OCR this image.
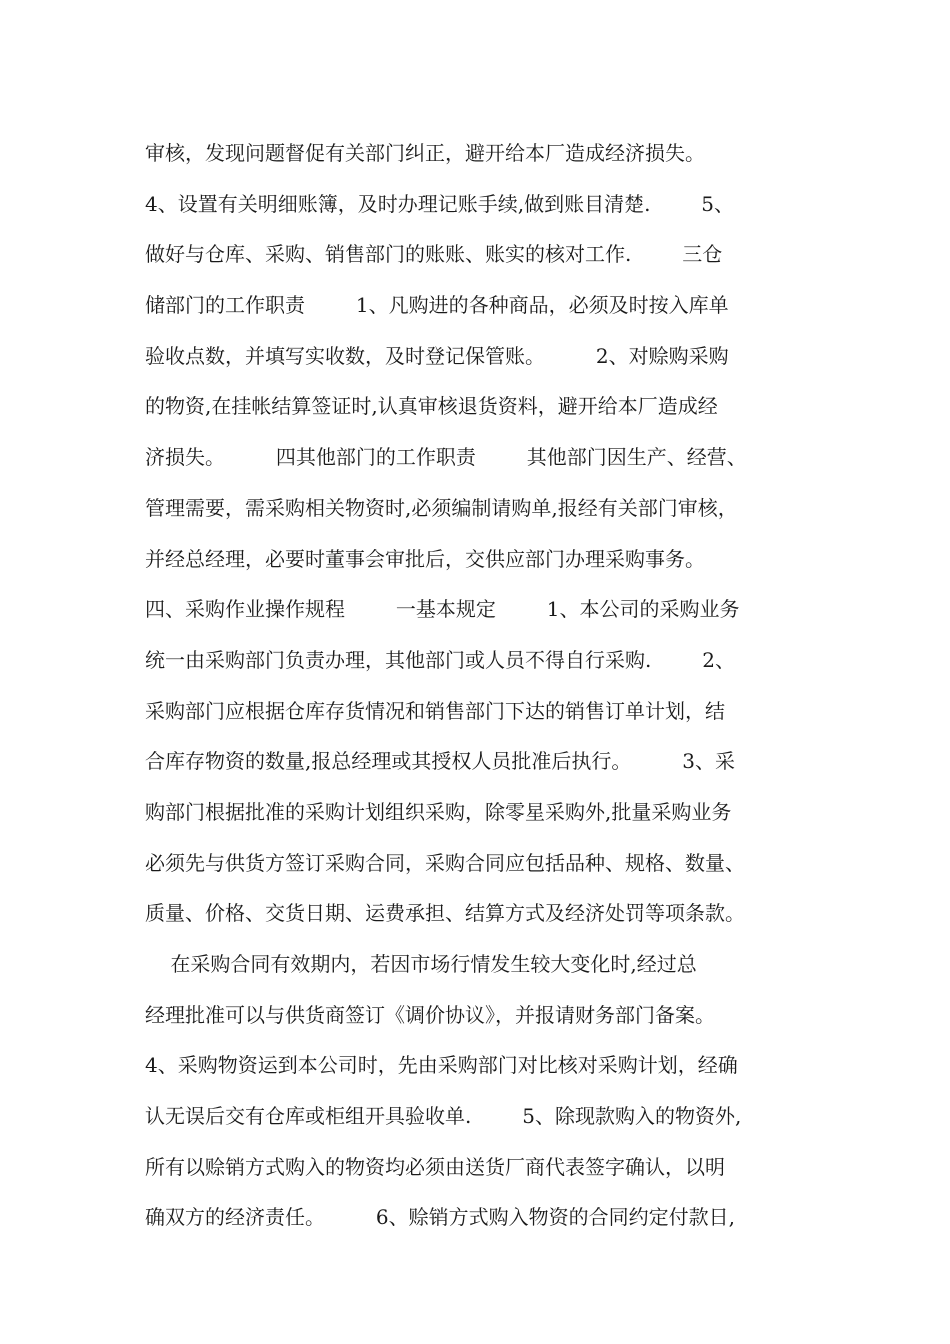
审核，发现问题督促有关部门纠正，避开给本厂造成经济损失。
4、设置有关明细账簿，及时办理记账手续,做到账目清楚.        5、
做好与仓库、采购、销售部门的账账、账实的核对工作.        三仓
储部门的工作职责        1、凡购进的各种商品，必须及时按入库单
验收点数，并填写实收数，及时登记保管账。        2、对赊购采购
的物资,在挂帐结算签证时,认真审核退货资料，避开给本厂造成经
济损失。        四其他部门的工作职责        其他部门因生产、经营、
管理需要，需采购相关物资时,必须编制请购单,报经有关部门审核，
并经总经理，必要时董事会审批后，交供应部门办理采购事务。
四、采购作业操作规程        一基本规定        1、本公司的采购业务
统一由采购部门负责办理，其他部门或人员不得自行采购.        2、
采购部门应根据仓库存货情况和销售部门下达的销售订单计划，结
合库存物资的数量,报总经理或其授权人员批准后执行。        3、采
购部门根据批准的采购计划组织采购，除零星采购外,批量采购业务
必须先与供货方签订采购合同，采购合同应包括品种、规格、数量、
质量、价格、交货日期、运费承担、结算方式及经济处罚等项条款。
在采购合同有效期内，若因市场行情发生较大变化时,经过总
经理批准可以与供货商签订《调价协议》，并报请财务部门备案。
4、采购物资运到本公司时，先由采购部门对比核对采购计划，经确
认无误后交有仓库或柜组开具验收单.        5、除现款购入的物资外,
所有以赊销方式购入的物资均必须由送货厂商代表签字确认，以明
确双方的经济责任。        6、赊销方式购入物资的合同约定付款日,
